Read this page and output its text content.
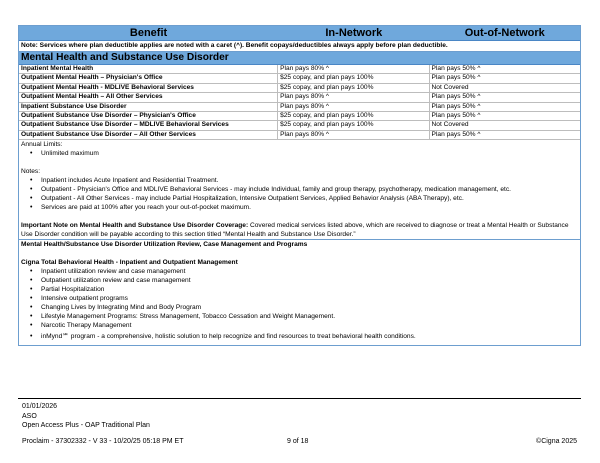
Benefit	In-Network	Out-of-Network
Note: Services where plan deductible applies are noted with a caret (^). Benefit copays/deductibles always apply before plan deductible.
Mental Health and Substance Use Disorder
Inpatient Mental Health	Plan pays 80% ^	Plan pays 50% ^
Outpatient Mental Health – Physician's Office	$25 copay, and plan pays 100%	Plan pays 50% ^
Outpatient Mental Health - MDLIVE Behavioral Services	$25 copay, and plan pays 100%	Not Covered
Outpatient Mental Health – All Other Services	Plan pays 80% ^	Plan pays 50% ^
Inpatient Substance Use Disorder	Plan pays 80% ^	Plan pays 50% ^
Outpatient Substance Use Disorder – Physician's Office	$25 copay, and plan pays 100%	Plan pays 50% ^
Outpatient Substance Use Disorder – MDLIVE Behavioral Services	$25 copay, and plan pays 100%	Not Covered
Outpatient Substance Use Disorder – All Other Services	Plan pays 80% ^	Plan pays 50% ^
Annual Limits:
• Unlimited maximum
Notes:
• Inpatient includes Acute Inpatient and Residential Treatment.
• Outpatient - Physician's Office and MDLIVE Behavioral Services - may include Individual, family and group therapy, psychotherapy, medication management, etc.
• Outpatient - All Other Services - may include Partial Hospitalization, Intensive Outpatient Services, Applied Behavior Analysis (ABA Therapy), etc.
• Services are paid at 100% after you reach your out-of-pocket maximum.
Important Note on Mental Health and Substance Use Disorder Coverage: Covered medical services listed above, which are received to diagnose or treat a Mental Health or Substance Use Disorder condition will be payable according to this section titled “Mental Health and Substance Use Disorder.”
Mental Health/Substance Use Disorder Utilization Review, Case Management and Programs
Cigna Total Behavioral Health - Inpatient and Outpatient Management
• Inpatient utilization review and case management
• Outpatient utilization review and case management
• Partial Hospitalization
• Intensive outpatient programs
• Changing Lives by Integrating Mind and Body Program
• Lifestyle Management Programs: Stress Management, Tobacco Cessation and Weight Management.
• Narcotic Therapy Management
• inMynd℠ program - a comprehensive, holistic solution to help recognize and find resources to treat behavioral health conditions.
01/01/2026
ASO
Open Access Plus - OAP Traditional Plan
Proclaim - 37302332 - V 33 - 10/20/25 05:18 PM ET	9 of 18	©Cigna 2025
